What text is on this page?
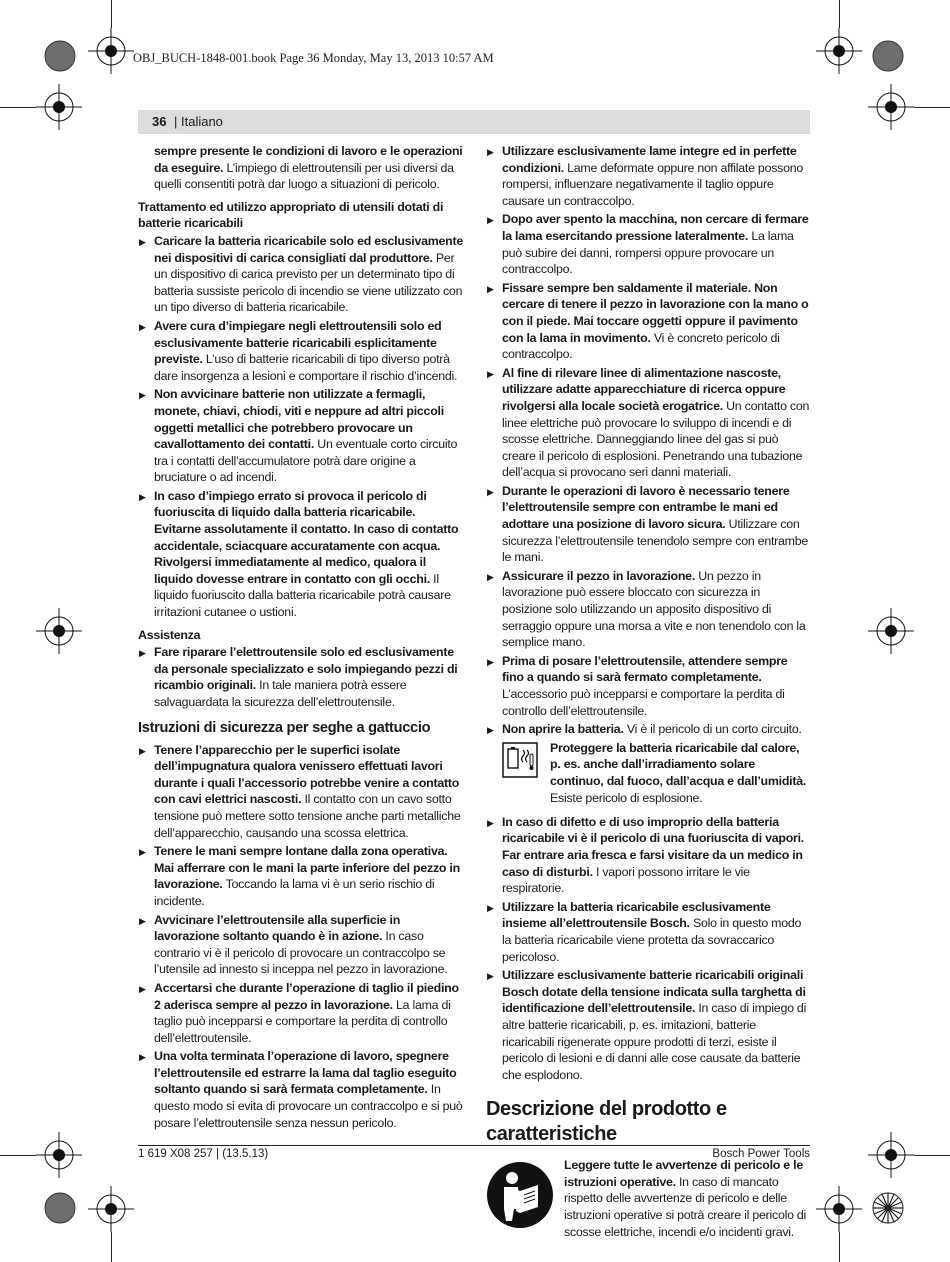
OBJ_BUCH-1848-001.book Page 36 Monday, May 13, 2013 10:57 AM
36 | Italiano

sempre presente le condizioni di lavoro e le operazioni da eseguire. L’impiego di elettroutensili per usi diversi da quelli consentiti potrà dar luogo a situazioni di pericolo.

Trattamento ed utilizzo appropriato di utensili dotati di batterie ricaricabili
▶ Caricare la batteria ricaricabile solo ed esclusivamente nei dispositivi di carica consigliati dal produttore. Per un dispositivo di carica previsto per un determinato tipo di batteria sussiste pericolo di incendio se viene utilizzato con un tipo diverso di batteria ricaricabile.
▶ Avere cura d’impiegare negli elettroutensili solo ed esclusivamente batterie ricaricabili esplicitamente previste. L’uso di batterie ricaricabili di tipo diverso potrà dare insorgenza a lesioni e comportare il rischio d’incendi.
▶ Non avvicinare batterie non utilizzate a fermagli, monete, chiavi, chiodi, viti e neppure ad altri piccoli oggetti metallici che potrebbero provocare un cavallottamento dei contatti. Un eventuale corto circuito tra i contatti dell’accumulatore potrà dare origine a bruciature o ad incendi.
▶ In caso d’impiego errato si provoca il pericolo di fuoriuscita di liquido dalla batteria ricaricabile. Evitarne assolutamente il contatto. In caso di contatto accidentale, sciacquare accuratamente con acqua. Rivolgersi immediatamente al medico, qualora il liquido dovesse entrare in contatto con gli occhi. Il liquido fuoriuscito dalla batteria ricaricabile potrà causare irritazioni cutanee o ustioni.
Assistenza
▶ Fare riparare l’elettroutensile solo ed esclusivamente da personale specializzato e solo impiegando pezzi di ricambio originali. In tale maniera potrà essere salvaguardata la sicurezza dell’elettroutensile.
Istruzioni di sicurezza per seghe a gattuccio
▶ Tenere l’apparecchio per le superfici isolate dell’impugnatura qualora venissero effettuati lavori durante i quali l’accessorio potrebbe venire a contatto con cavi elettrici nascosti. Il contatto con un cavo sotto tensione può mettere sotto tensione anche parti metalliche dell’apparecchio, causando una scossa elettrica.
▶ Tenere le mani sempre lontane dalla zona operativa. Mai afferrare con le mani la parte inferiore del pezzo in lavorazione. Toccando la lama vi è un serio rischio di incidente.
▶ Avvicinare l’elettroutensile alla superficie in lavorazione soltanto quando è in azione. In caso contrario vi è il pericolo di provocare un contraccolpo se l’utensile ad innesto si inceppa nel pezzo in lavorazione.
▶ Accertarsi che durante l’operazione di taglio il piedino 2 aderisca sempre al pezzo in lavorazione. La lama di taglio può incepparsi e comportare la perdita di controllo dell’elettroutensile.
▶ Una volta terminata l’operazione di lavoro, spegnere l’elettroutensile ed estrarre la lama dal taglio eseguito soltanto quando si sarà fermata completamente. In questo modo si evita di provocare un contraccolpo e si può posare l’elettroutensile senza nessun pericolo.
▶ Utilizzare esclusivamente lame integre ed in perfette condizioni. Lame deformate oppure non affilate possono rompersi, influenzare negativamente il taglio oppure causare un contraccolpo.
▶ Dopo aver spento la macchina, non cercare di fermare la lama esercitando pressione lateralmente. La lama può subire dei danni, rompersi oppure provocare un contraccolpo.
▶ Fissare sempre ben saldamente il materiale. Non cercare di tenere il pezzo in lavorazione con la mano o con il piede. Mai toccare oggetti oppure il pavimento con la lama in movimento. Vi è concreto pericolo di contraccolpo.
▶ Al fine di rilevare linee di alimentazione nascoste, utilizzare adatte apparecchiature di ricerca oppure rivolgersi alla locale società erogatrice. Un contatto con linee elettriche può provocare lo sviluppo di incendi e di scosse elettriche. Danneggiando linee del gas si può creare il pericolo di esplosioni. Penetrando una tubazione dell’acqua si provocano seri danni materiali.
▶ Durante le operazioni di lavoro è necessario tenere l’elettroutensile sempre con entrambe le mani ed adottare una posizione di lavoro sicura. Utilizzare con sicurezza l’elettroutensile tenendolo sempre con entrambe le mani.
▶ Assicurare il pezzo in lavorazione. Un pezzo in lavorazione può essere bloccato con sicurezza in posizione solo utilizzando un apposito dispositivo di serraggio oppure una morsa a vite e non tenendolo con la semplice mano.
▶ Prima di posare l’elettroutensile, attendere sempre fino a quando si sarà fermato completamente. L’accessorio può incepparsi e comportare la perdita di controllo dell’elettroutensile.
▶ Non aprire la batteria. Vi è il pericolo di un corto circuito.

Proteggere la batteria ricaricabile dal calore, p. es. anche dall’irradiamento solare continuo, dal fuoco, dall’acqua e dall’umidità. Esiste pericolo di esplosione.

▶ In caso di difetto e di uso improprio della batteria ricaricabile vi è il pericolo di una fuoriuscita di vapori. Far entrare aria fresca e farsi visitare da un medico in caso di disturbi. I vapori possono irritare le vie respiratorie.
▶ Utilizzare la batteria ricaricabile esclusivamente insieme all’elettroutensile Bosch. Solo in questo modo la batteria ricaricabile viene protetta da sovraccarico pericoloso.
▶ Utilizzare esclusivamente batterie ricaricabili originali Bosch dotate della tensione indicata sulla targhetta di identificazione dell’elettroutensile. In caso di impiego di altre batterie ricaricabili, p. es. imitazioni, batterie ricaricabili rigenerate oppure prodotti di terzi, esiste il pericolo di lesioni e di danni alle cose causate da batterie che esplodono.
Descrizione del prodotto e caratteristiche

Leggere tutte le avvertenze di pericolo e le istruzioni operative. In caso di mancato rispetto delle avvertenze di pericolo e delle istruzioni operative si potrà creare il pericolo di scosse elettriche, incendi e/o incidenti gravi.

1 619 X08 257 | (13.5.13)	Bosch Power Tools
